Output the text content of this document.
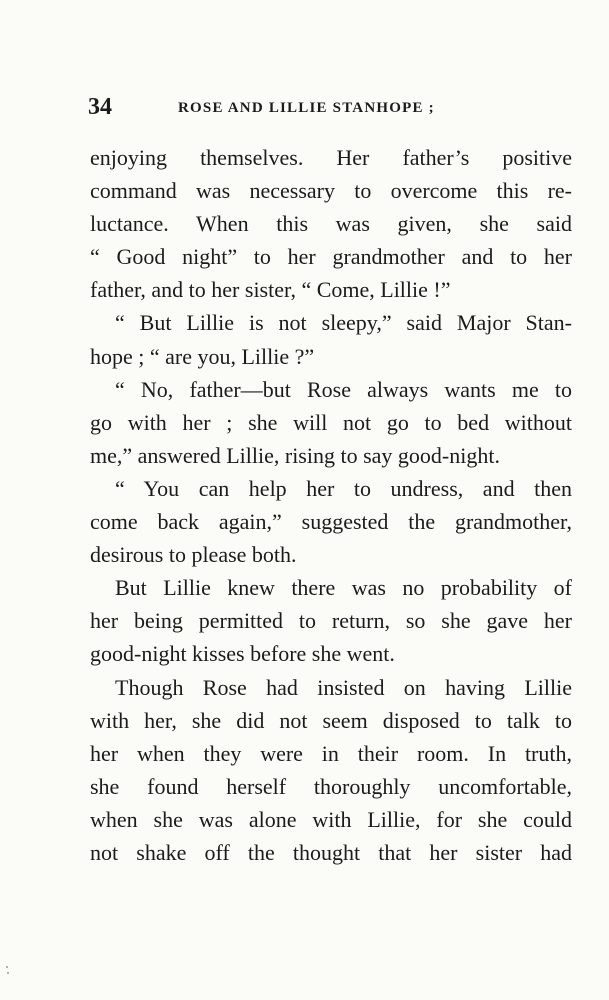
34	ROSE AND LILLIE STANHOPE ;
enjoying themselves. Her father’s positive
command was necessary to overcome this re-
luctance. When this was given, she said
“ Good night” to her grandmother and to her
father, and to her sister, “ Come, Lillie !”
“ But Lillie is not sleepy,” said Major Stan-
hope ; “ are you, Lillie ?”
“ No, father—but Rose always wants me to
go with her ; she will not go to bed without
me,” answered Lillie, rising to say good-night.
“ You can help her to undress, and then
come back again,” suggested the grandmother,
desirous to please both.
But Lillie knew there was no probability of
her being permitted to return, so she gave her
good-night kisses before she went.
Though Rose had insisted on having Lillie
with her, she did not seem disposed to talk to
her when they were in their room. In truth,
she found herself thoroughly uncomfortable,
when she was alone with Lillie, for she could
not shake off the thought that her sister had
